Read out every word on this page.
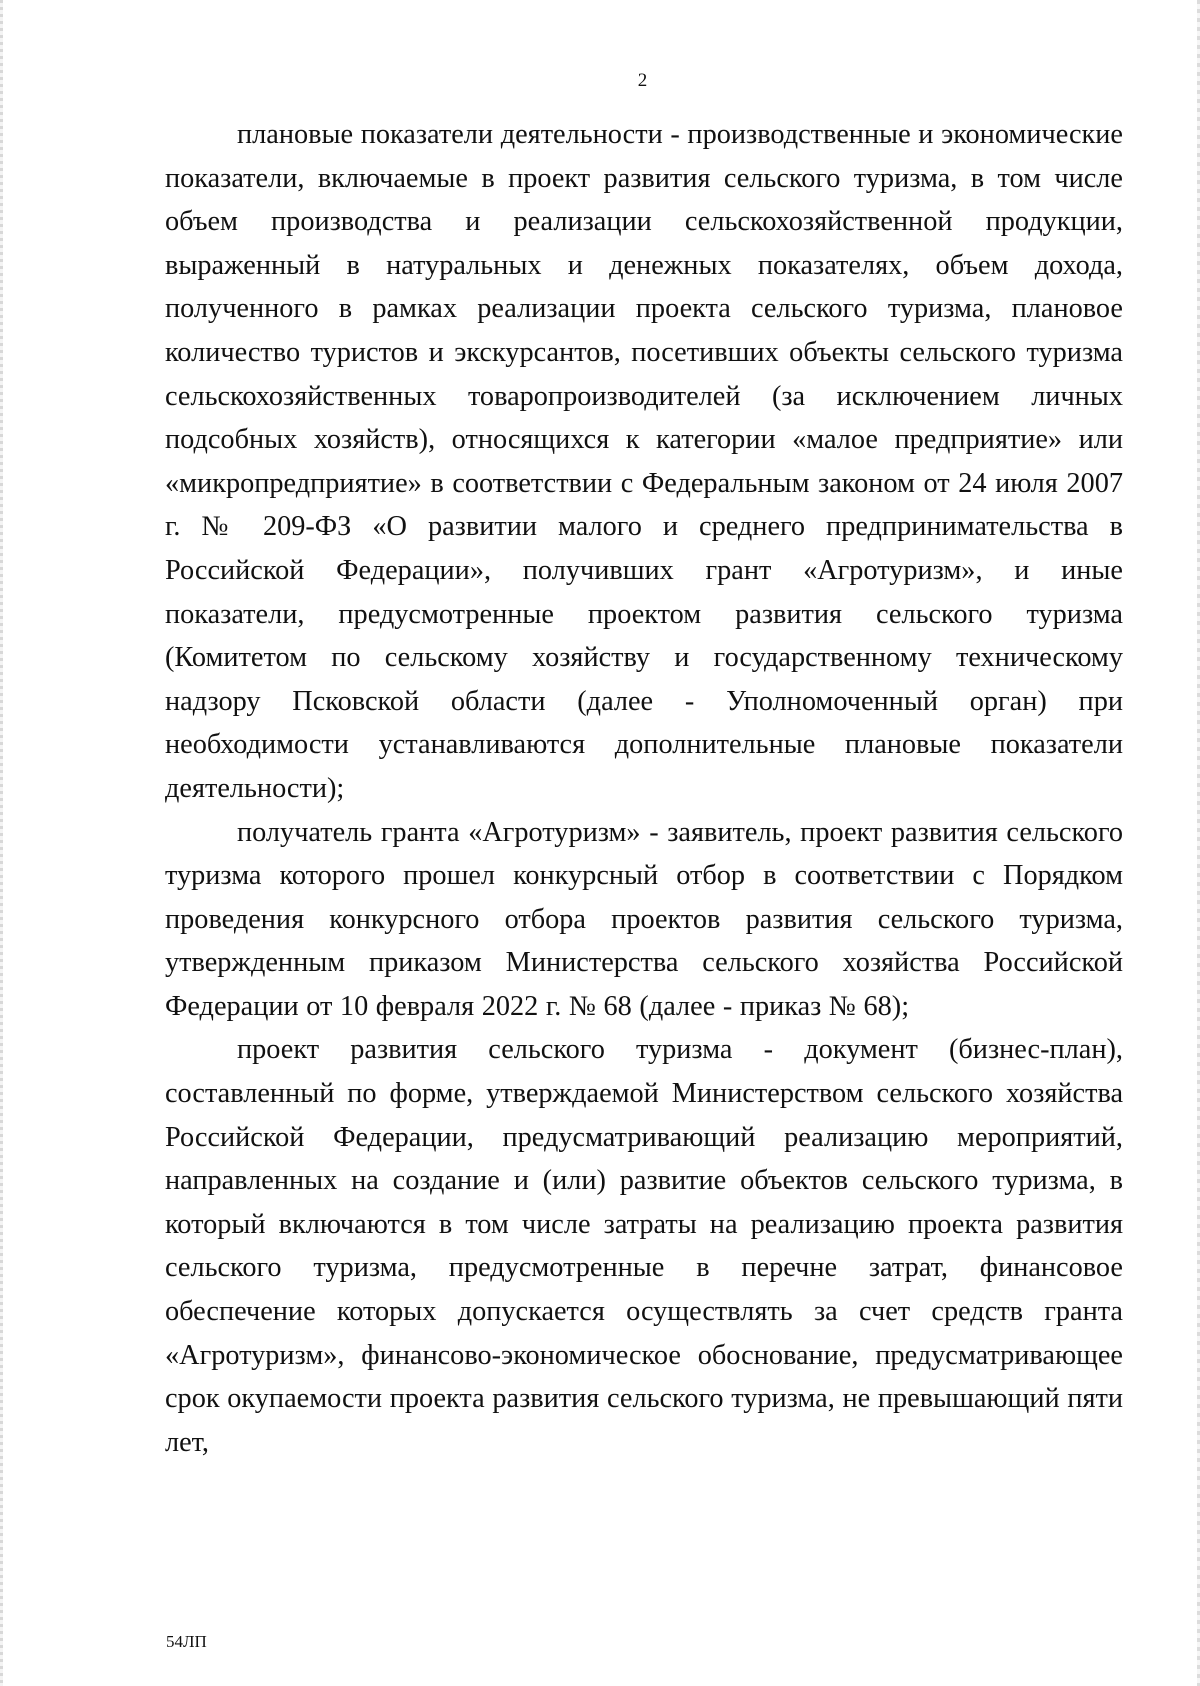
2

плановые показатели деятельности - производственные и экономические показатели, включаемые в проект развития сельского туризма, в том числе объем производства и реализации сельскохозяйственной продукции, выраженный в натуральных и денежных показателях, объем дохода, полученного в рамках реализации проекта сельского туризма, плановое количество туристов и экскурсантов, посетивших объекты сельского туризма сельскохозяйственных товаропроизводителей (за исключением личных подсобных хозяйств), относящихся к категории «малое предприятие» или «микропредприятие» в соответствии с Федеральным законом от 24 июля 2007 г. № 209-ФЗ «О развитии малого и среднего предпринимательства в Российской Федерации», получивших грант «Агротуризм», и иные показатели, предусмотренные проектом развития сельского туризма (Комитетом по сельскому хозяйству и государственному техническому надзору Псковской области (далее - Уполномоченный орган) при необходимости устанавливаются дополнительные плановые показатели деятельности);

получатель гранта «Агротуризм» - заявитель, проект развития сельского туризма которого прошел конкурсный отбор в соответствии с Порядком проведения конкурсного отбора проектов развития сельского туризма, утвержденным приказом Министерства сельского хозяйства Российской Федерации от 10 февраля 2022 г. № 68 (далее - приказ № 68);

проект развития сельского туризма - документ (бизнес-план), составленный по форме, утверждаемой Министерством сельского хозяйства Российской Федерации, предусматривающий реализацию мероприятий, направленных на создание и (или) развитие объектов сельского туризма, в который включаются в том числе затраты на реализацию проекта развития сельского туризма, предусмотренные в перечне затрат, финансовое обеспечение которых допускается осуществлять за счет средств гранта «Агротуризм», финансово-экономическое обоснование, предусматривающее срок окупаемости проекта развития сельского туризма, не превышающий пяти лет,

54ЛП
